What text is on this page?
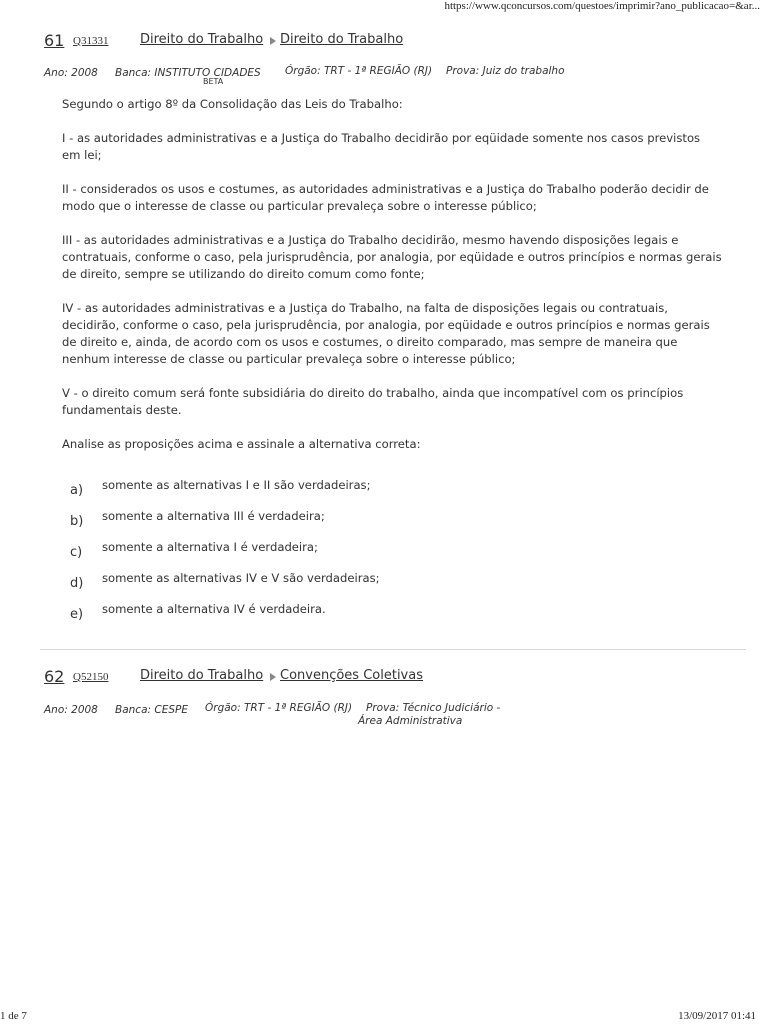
https://www.qconcursos.com/questoes/imprimir?ano_publicacao=&ar...
61 Q31331 Direito do Trabalho Direito do Trabalho
Ano: 2008 Banca: INSTITUTO CIDADES
BETA
Órgão: TRT - 1ª REGIÃO (RJ) Prova: Juiz do trabalho

Segundo o artigo 8º da Consolidação das Leis do Trabalho:

I - as autoridades administrativas e a Justiça do Trabalho decidirão por eqüidade somente nos casos previstos em lei;

II - considerados os usos e costumes, as autoridades administrativas e a Justiça do Trabalho poderão decidir de modo que o interesse de classe ou particular prevaleça sobre o interesse público;

III - as autoridades administrativas e a Justiça do Trabalho decidirão, mesmo havendo disposições legais e contratuais, conforme o caso, pela jurisprudência, por analogia, por eqüidade e outros princípios e normas gerais de direito, sempre se utilizando do direito comum como fonte;

IV - as autoridades administrativas e a Justiça do Trabalho, na falta de disposições legais ou contratuais, decidirão, conforme o caso, pela jurisprudência, por analogia, por eqüidade e outros princípios e normas gerais de direito e, ainda, de acordo com os usos e costumes, o direito comparado, mas sempre de maneira que nenhum interesse de classe ou particular prevaleça sobre o interesse público;

V - o direito comum será fonte subsidiária do direito do trabalho, ainda que incompatível com os princípios fundamentais deste.

Analise as proposições acima e assinale a alternativa correta:

a) somente as alternativas I e II são verdadeiras;
b) somente a alternativa III é verdadeira;
c) somente a alternativa I é verdadeira;
d) somente as alternativas IV e V são verdadeiras;
e) somente a alternativa IV é verdadeira.
62 Q52150 Direito do Trabalho Convenções Coletivas
Ano: 2008 Banca: CESPE Órgão: TRT - 1ª REGIÃO (RJ) Prova: Técnico Judiciário -
Área Administrativa
1 de 7	13/09/2017 01:41
